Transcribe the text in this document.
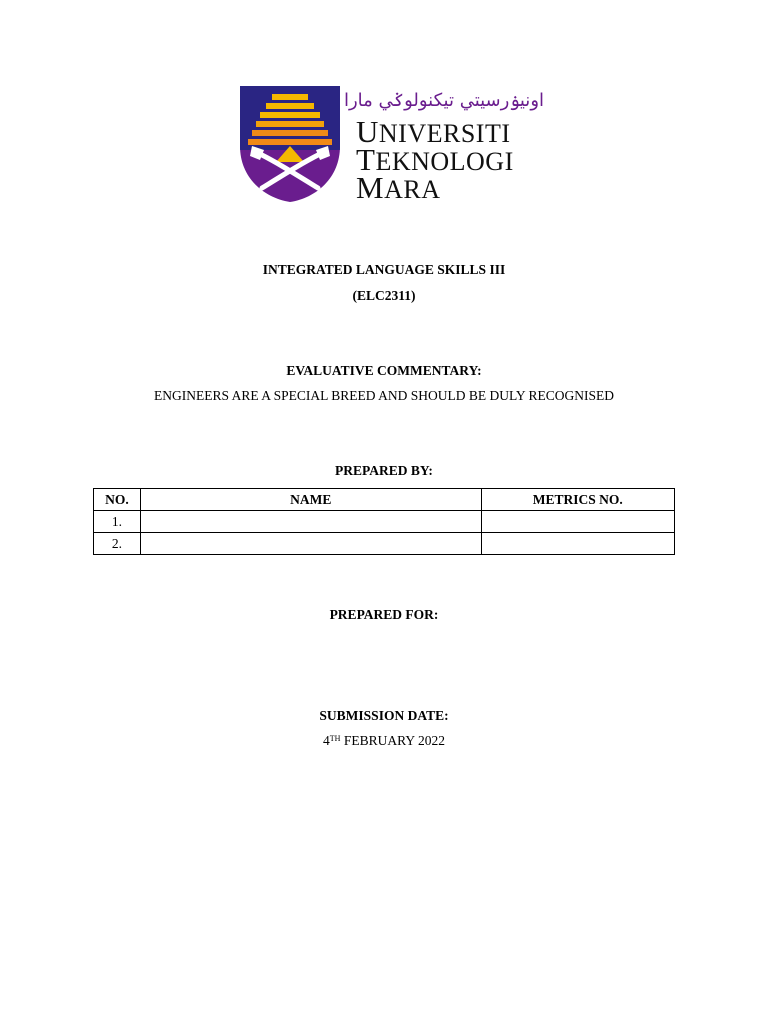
اونيۏرسيتي تيكنولوݢي مارا
UNIVERSITI
TEKNOLOGI
MARA
INTEGRATED LANGUAGE SKILLS III
(ELC2311)
EVALUATIVE COMMENTARY:
ENGINEERS ARE A SPECIAL BREED AND SHOULD BE DULY RECOGNISED
PREPARED BY:
NO.	NAME	METRICS NO.
1.		
2.		
PREPARED FOR:
SUBMISSION DATE:
4TH FEBRUARY 2022
